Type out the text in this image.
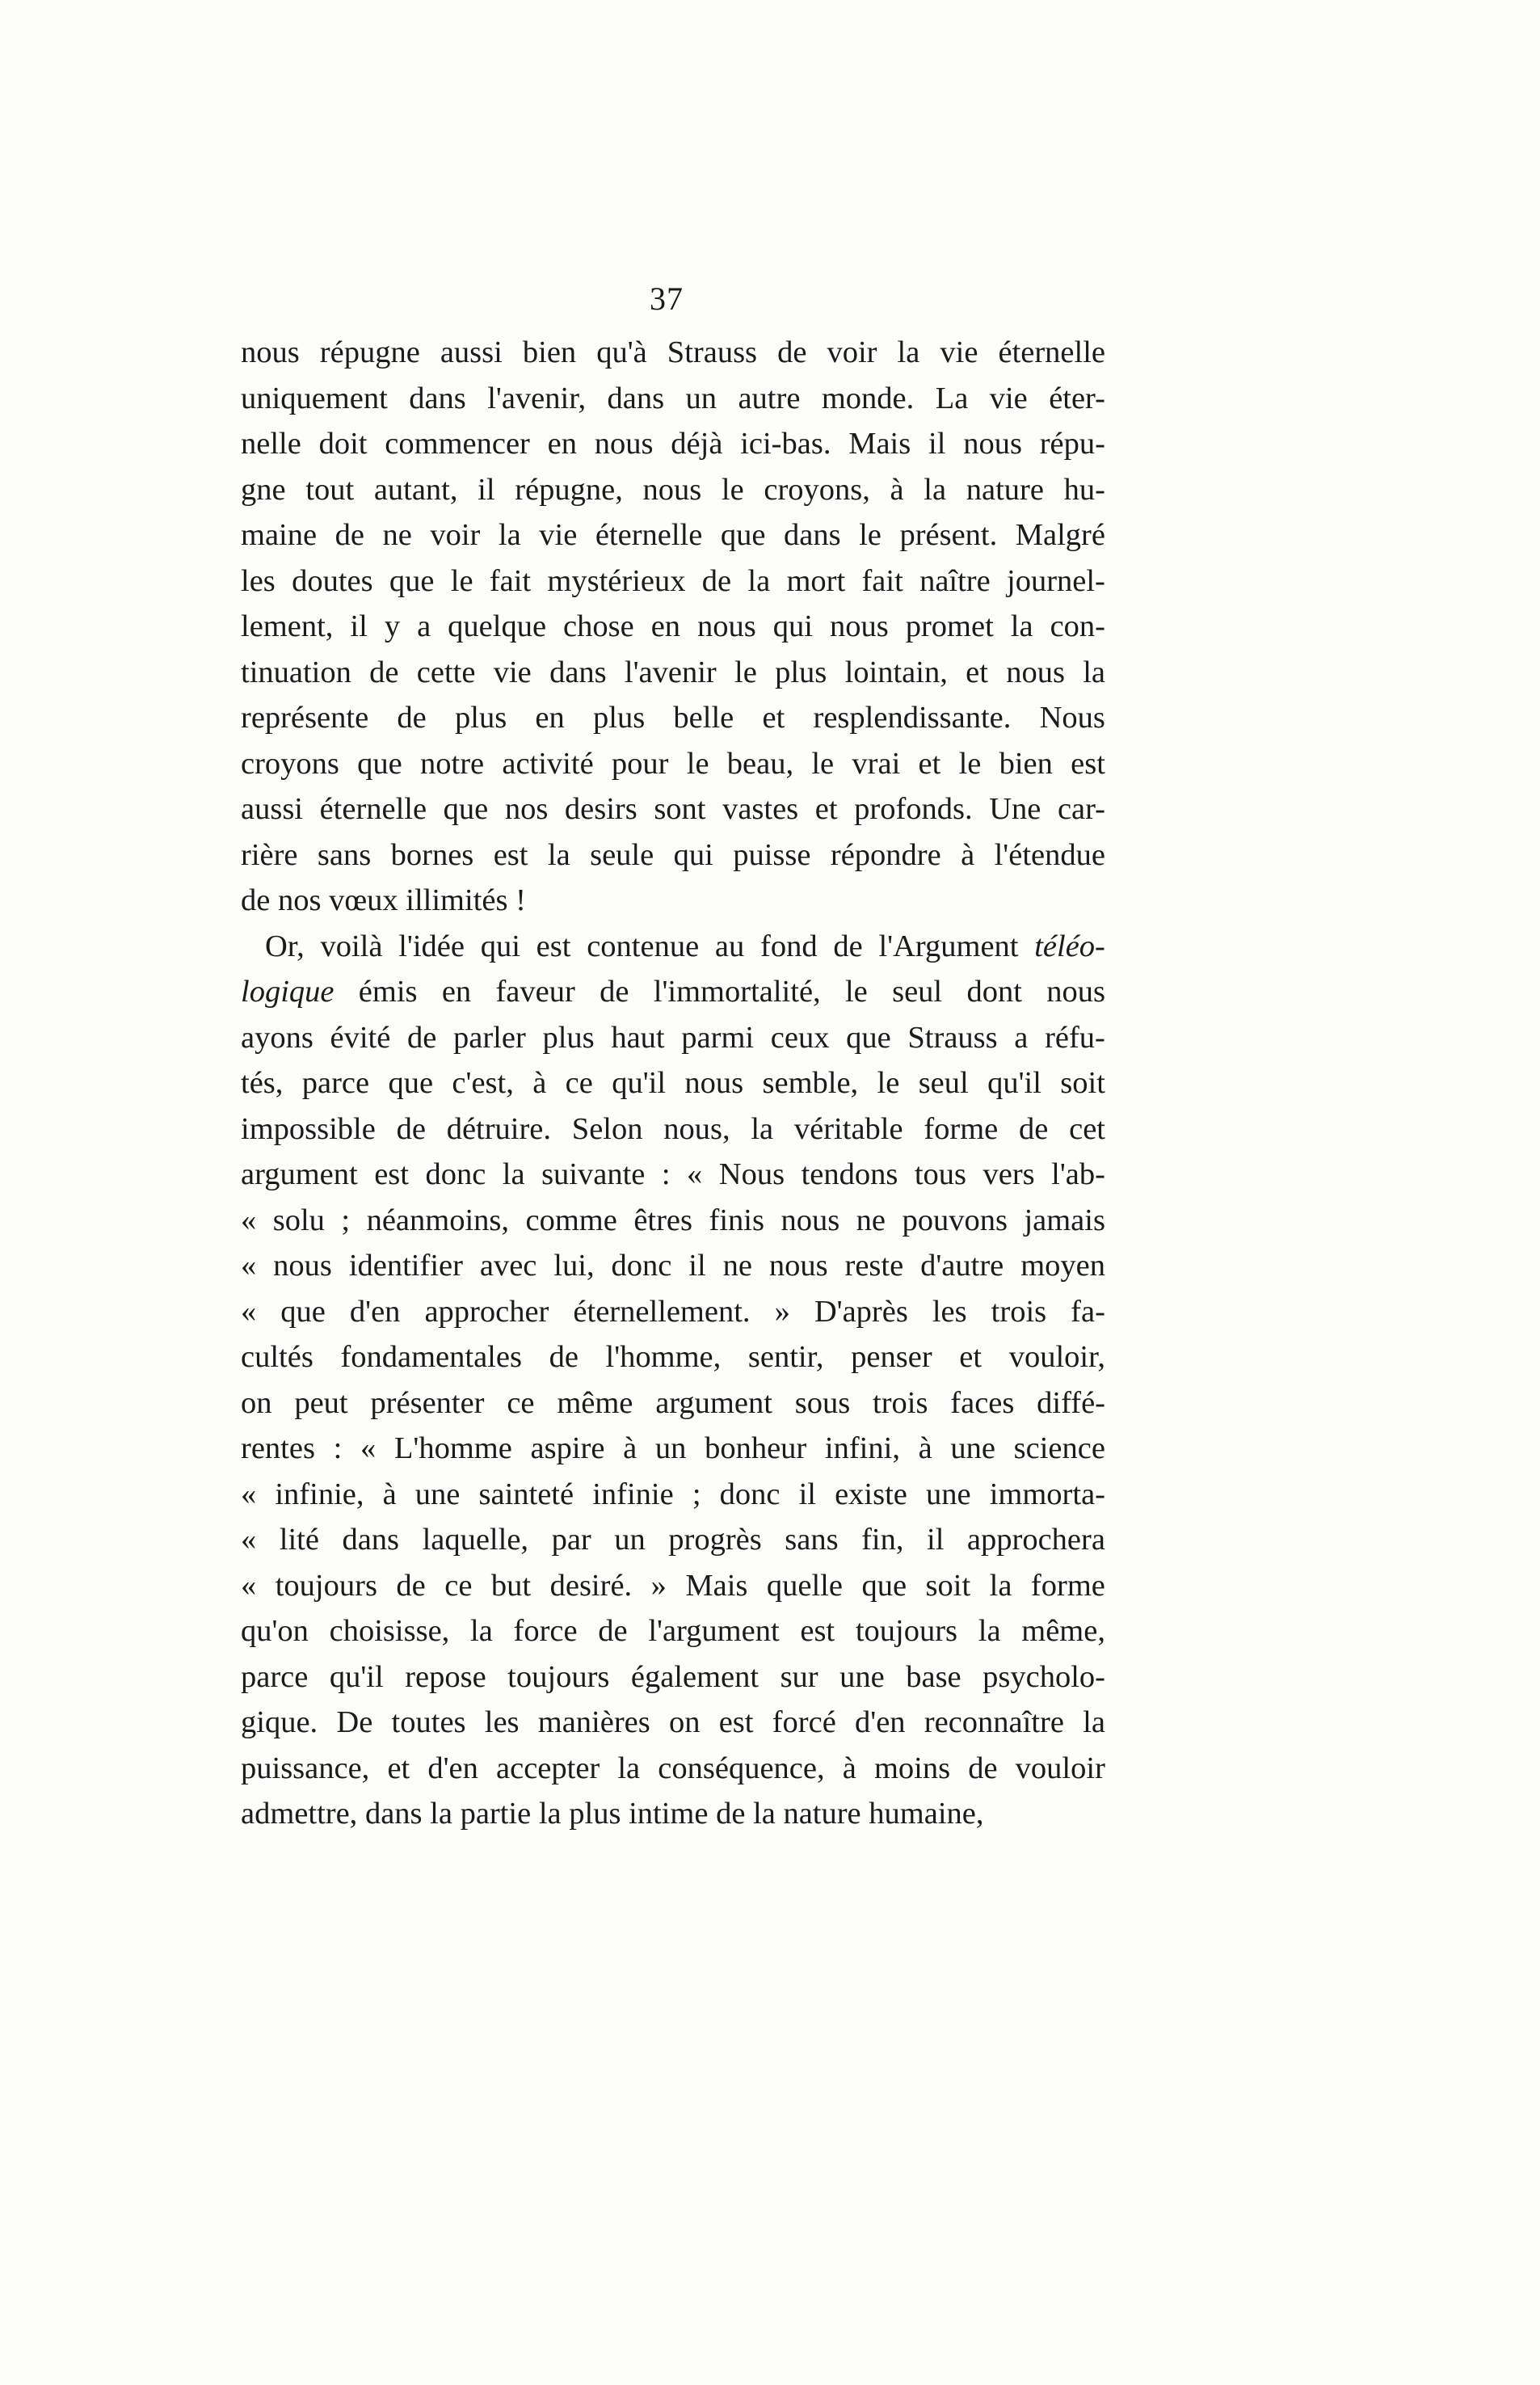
37
nous répugne aussi bien qu'à Strauss de voir la vie éternelle
uniquement dans l'avenir, dans un autre monde. La vie éter-
nelle doit commencer en nous déjà ici-bas. Mais il nous répu-
gne tout autant, il répugne, nous le croyons, à la nature hu-
maine de ne voir la vie éternelle que dans le présent. Malgré
les doutes que le fait mystérieux de la mort fait naître journel-
lement, il y a quelque chose en nous qui nous promet la con-
tinuation de cette vie dans l'avenir le plus lointain, et nous la
représente de plus en plus belle et resplendissante. Nous
croyons que notre activité pour le beau, le vrai et le bien est
aussi éternelle que nos desirs sont vastes et profonds. Une car-
rière sans bornes est la seule qui puisse répondre à l'étendue
de nos vœux illimités !
Or, voilà l'idée qui est contenue au fond de l'Argument téléo-
logique émis en faveur de l'immortalité, le seul dont nous
ayons évité de parler plus haut parmi ceux que Strauss a réfu-
tés, parce que c'est, à ce qu'il nous semble, le seul qu'il soit
impossible de détruire. Selon nous, la véritable forme de cet
argument est donc la suivante : « Nous tendons tous vers l'ab-
« solu ; néanmoins, comme êtres finis nous ne pouvons jamais
« nous identifier avec lui, donc il ne nous reste d'autre moyen
« que d'en approcher éternellement. » D'après les trois fa-
cultés fondamentales de l'homme, sentir, penser et vouloir,
on peut présenter ce même argument sous trois faces diffé-
rentes : « L'homme aspire à un bonheur infini, à une science
« infinie, à une sainteté infinie ; donc il existe une immorta-
« lité dans laquelle, par un progrès sans fin, il approchera
« toujours de ce but desiré. » Mais quelle que soit la forme
qu'on choisisse, la force de l'argument est toujours la même,
parce qu'il repose toujours également sur une base psycholo-
gique. De toutes les manières on est forcé d'en reconnaître la
puissance, et d'en accepter la conséquence, à moins de vouloir
admettre, dans la partie la plus intime de la nature humaine,
